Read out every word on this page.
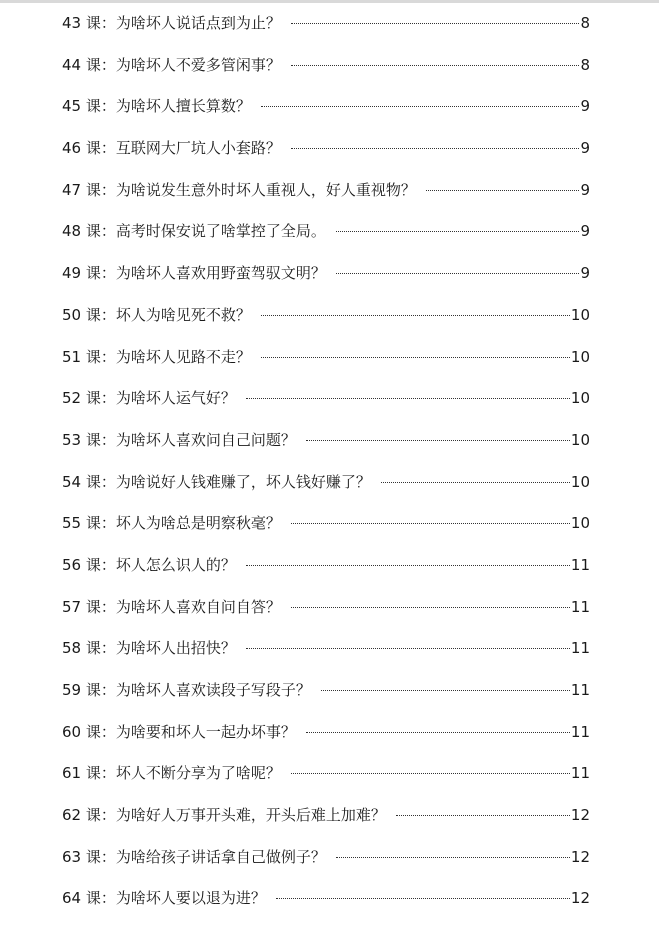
43 课：为啥坏人说话点到为止？	8
44 课：为啥坏人不爱多管闲事？	8
45 课：为啥坏人擅长算数？	9
46 课：互联网大厂坑人小套路？	9
47 课：为啥说发生意外时坏人重视人，好人重视物？	9
48 课：高考时保安说了啥掌控了全局。	9
49 课：为啥坏人喜欢用野蛮驾驭文明？	9
50 课：坏人为啥见死不救？	10
51 课：为啥坏人见路不走？	10
52 课：为啥坏人运气好？	10
53 课：为啥坏人喜欢问自己问题？	10
54 课：为啥说好人钱难赚了，坏人钱好赚了？	10
55 课：坏人为啥总是明察秋毫？	10
56 课：坏人怎么识人的？	11
57 课：为啥坏人喜欢自问自答？	11
58 课：为啥坏人出招快？	11
59 课：为啥坏人喜欢读段子写段子？	11
60 课：为啥要和坏人一起办坏事？	11
61 课：坏人不断分享为了啥呢？	11
62 课：为啥好人万事开头难，开头后难上加难？	12
63 课：为啥给孩子讲话拿自己做例子？	12
64 课：为啥坏人要以退为进？	12
